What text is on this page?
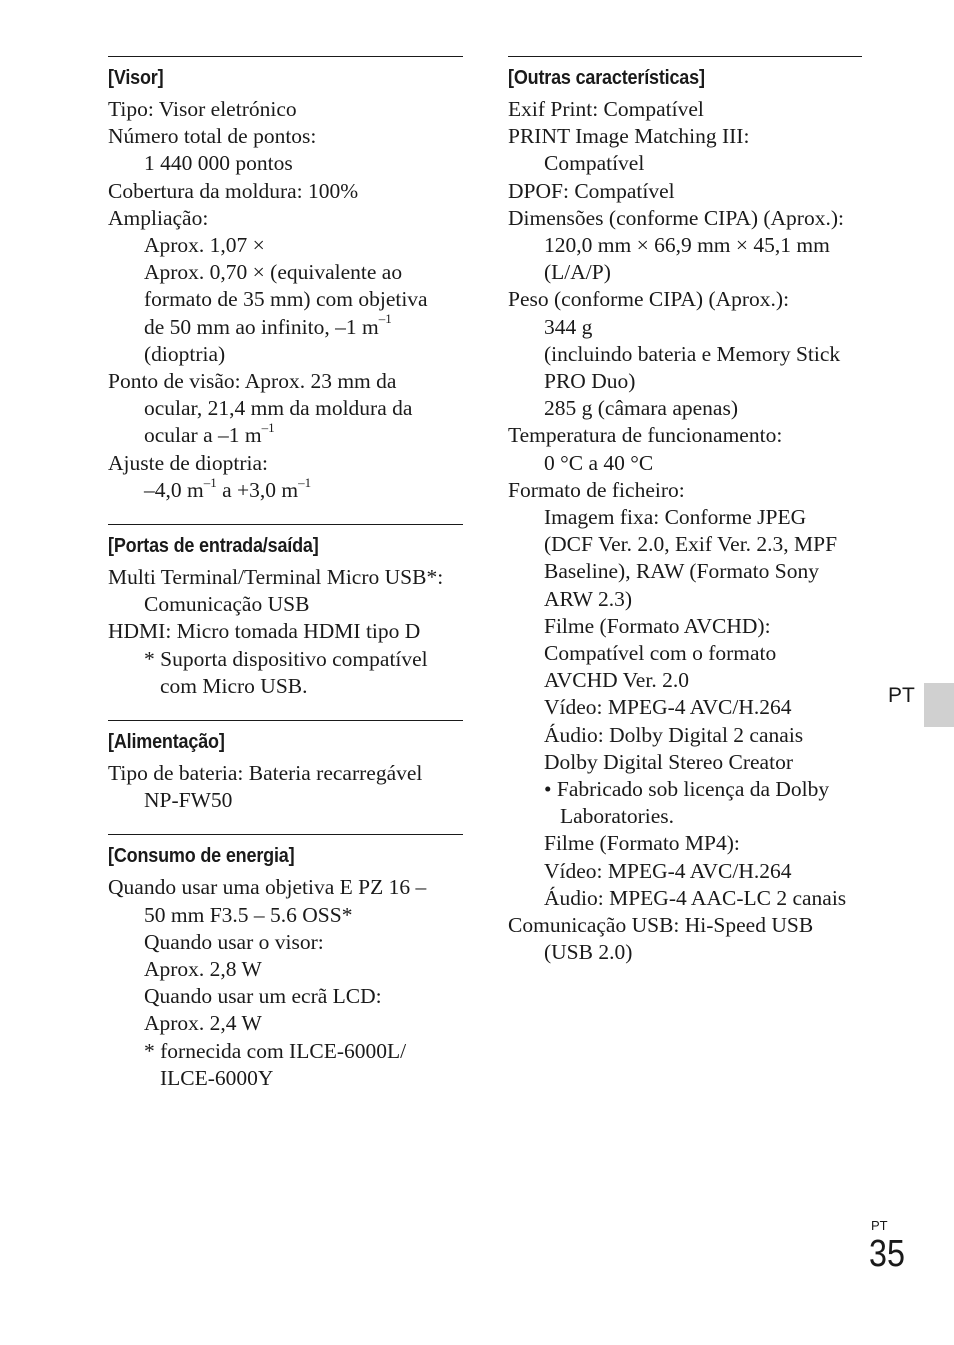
[Visor]
Tipo: Visor eletrónico
Número total de pontos:
1 440 000 pontos
Cobertura da moldura: 100%
Ampliação:
Aprox. 1,07 ×
Aprox. 0,70 × (equivalente ao
formato de 35 mm) com objetiva
de 50 mm ao infinito, –1 $m^{-1}$
(dioptria)
Ponto de visão: Aprox. 23 mm da
ocular, 21,4 mm da moldura da
ocular a –1 $m^{-1}$
Ajuste de dioptria:
–4,0 $m^{-1}$ a +3,0 $m^{-1}$
[Portas de entrada/saída]
Multi Terminal/Terminal Micro USB*:
Comunicação USB
HDMI: Micro tomada HDMI tipo D
* Suporta dispositivo compatível
com Micro USB.
[Alimentação]
Tipo de bateria: Bateria recarregável
NP-FW50
[Consumo de energia]
Quando usar uma objetiva E PZ 16 –
50 mm F3.5 – 5.6 OSS*
Quando usar o visor:
Aprox. 2,8 W
Quando usar um ecrã LCD:
Aprox. 2,4 W
* fornecida com ILCE-6000L/
ILCE-6000Y
[Outras características]
Exif Print: Compatível
PRINT Image Matching III:
Compatível
DPOF: Compatível
Dimensões (conforme CIPA) (Aprox.):
120,0 mm × 66,9 mm × 45,1 mm
(L/A/P)
Peso (conforme CIPA) (Aprox.):
344 g
(incluindo bateria e Memory Stick
PRO Duo)
285 g (câmara apenas)
Temperatura de funcionamento:
0 °C a 40 °C
Formato de ficheiro:
Imagem fixa: Conforme JPEG
(DCF Ver. 2.0, Exif Ver. 2.3, MPF
Baseline), RAW (Formato Sony
ARW 2.3)
Filme (Formato AVCHD):
Compatível com o formato
AVCHD Ver. 2.0
Vídeo: MPEG-4 AVC/H.264
Áudio: Dolby Digital 2 canais
Dolby Digital Stereo Creator
• Fabricado sob licença da Dolby
Laboratories.
Filme (Formato MP4):
Vídeo: MPEG-4 AVC/H.264
Áudio: MPEG-4 AAC-LC 2 canais
Comunicação USB: Hi-Speed USB
(USB 2.0)
PT
PT
35
